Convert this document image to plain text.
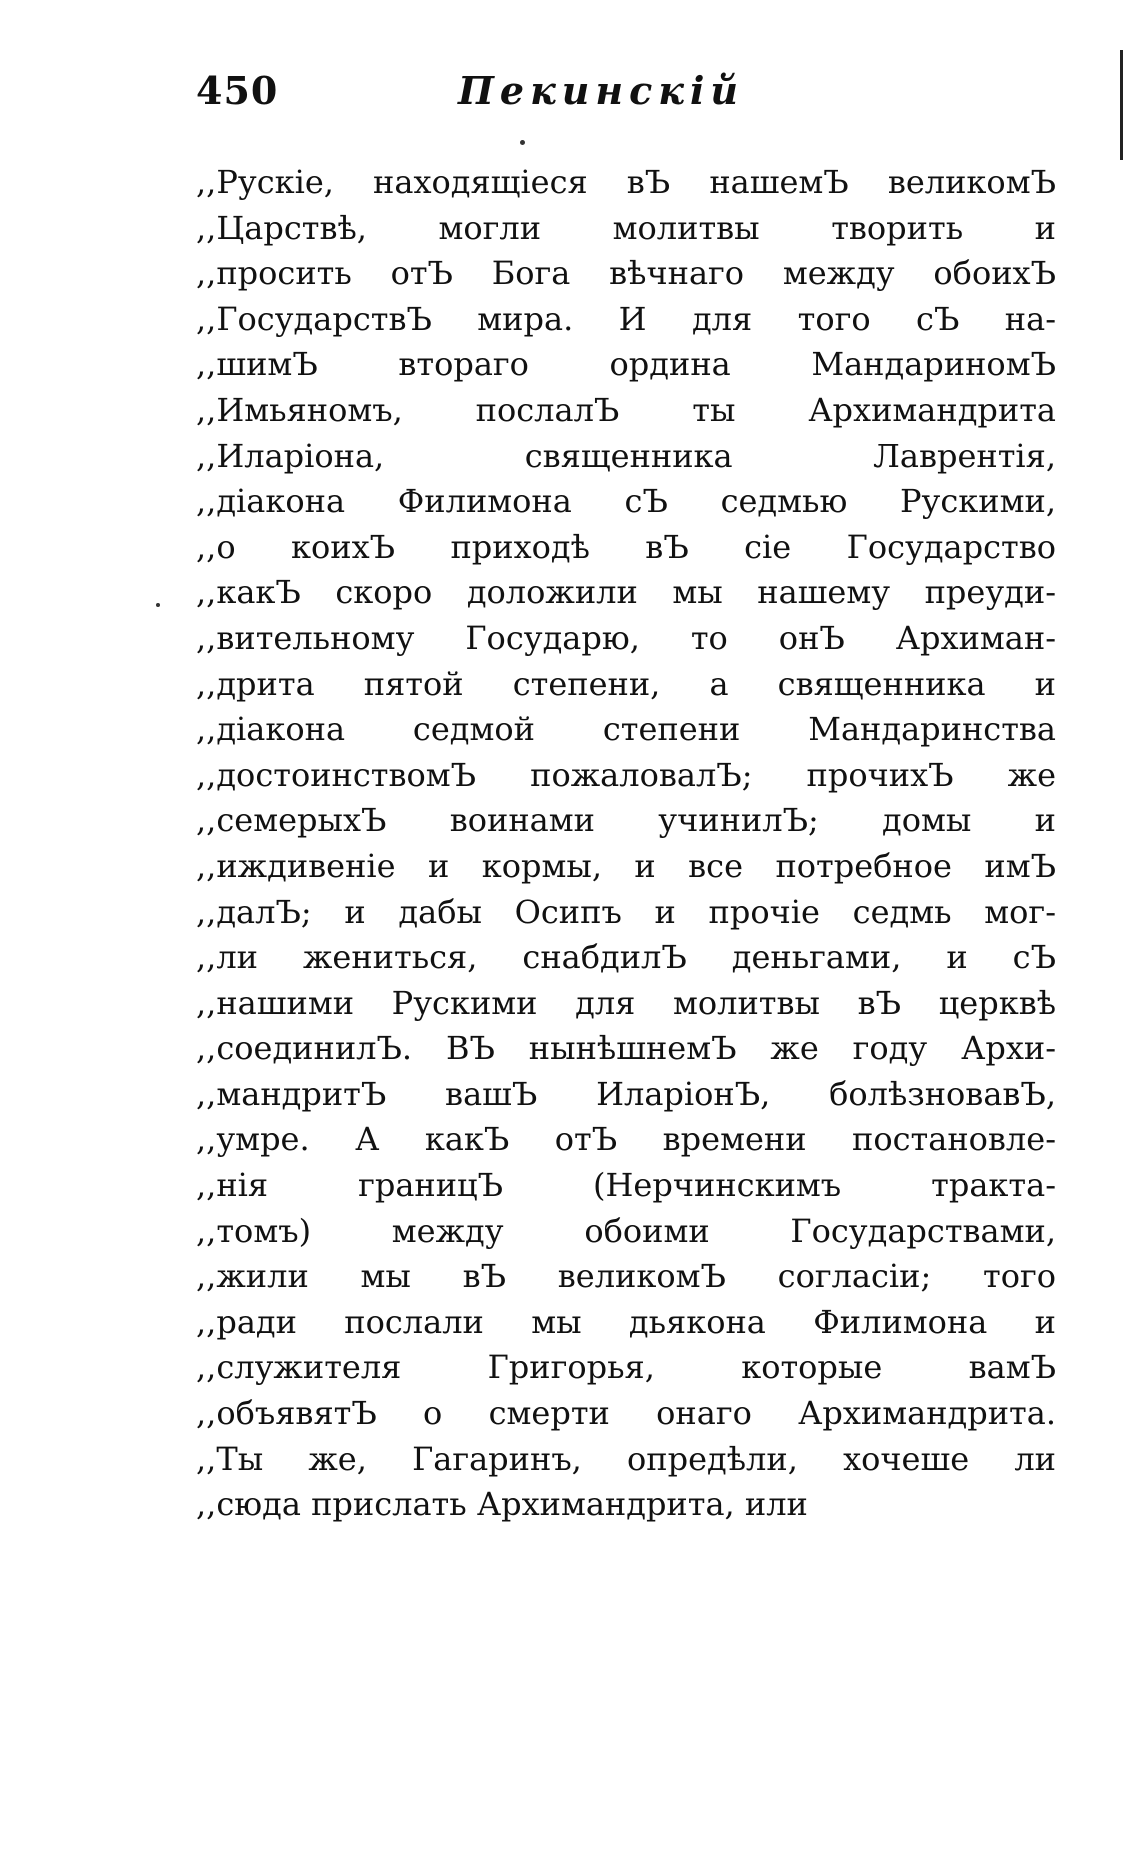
450	Пекинскій
,,Рускіе, находящіеся вЪ нашемЪ великомЪ
,,Царствѣ, могли молитвы творить и
,,просить отЪ Бога вѣчнаго между обоихЪ
,,ГосударствЪ мира. И для того сЪ на-
,,шимЪ втораго ордина МандариномЪ
,,Имьяномъ, послалЪ ты Архимандрита
,,Иларіона, священника Лаврентія,
,,діакона Филимона сЪ седмью Рускими,
,,о коихЪ приходѣ вЪ сіе Государство
,,какЪ скоро доложили мы нашему преуди-
,,вительному Государю, то онЪ Архиман-
,,дрита пятой степени, а священника и
,,діакона седмой степени Мандаринства
,,достоинствомЪ пожаловалЪ; прочихЪ же
,,семерыхЪ воинами учинилЪ; домы и
,,иждивеніе и кормы, и все потребное имЪ
,,далЪ; и дабы Осипъ и прочіе седмь мог-
,,ли жениться, снабдилЪ деньгами, и сЪ
,,нашими Рускими для молитвы вЪ церквѣ
,,соединилЪ. ВЪ нынѣшнемЪ же году Архи-
,,мандритЪ вашЪ ИларіонЪ, болѣзновавЪ,
,,умре. А какЪ отЪ времени постановле-
,,нія границЪ (Нерчинскимъ тракта-
,,томъ) между обоими Государствами,
,,жили мы вЪ великомЪ согласіи; того
,,ради послали мы дьякона Филимона и
,,служителя Григорья, которые вамЪ
,,объявятЪ о смерти онаго Архимандрита.
,,Ты же, Гагаринъ, опредѣли, хочеше ли
,,сюда прислать Архимандрита, или
